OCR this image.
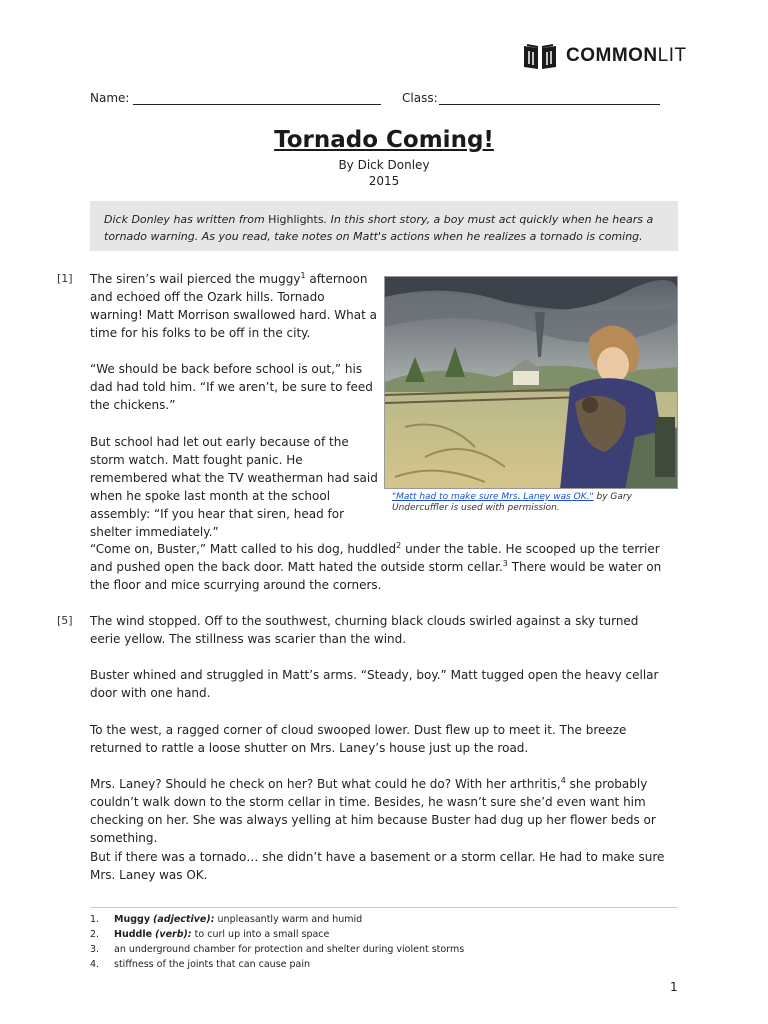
COMMONLIT
Name:	Class:
Tornado Coming!
By Dick Donley
2015
Dick Donley has written from Highlights. In this short story, a boy must act quickly when he hears a tornado warning. As you read, take notes on Matt's actions when he realizes a tornado is coming.
[1] The siren’s wail pierced the muggy$^1$ afternoon and echoed off the Ozark hills. Tornado warning! Matt Morrison swallowed hard. What a time for his folks to be off in the city.
“We should be back before school is out,” his dad had told him. “If we aren’t, be sure to feed the chickens.”
But school had let out early because of the storm watch. Matt fought panic. He remembered what the TV weatherman had said when he spoke last month at the school assembly: “If you hear that siren, head for shelter immediately.”
"Matt had to make sure Mrs. Laney was OK." by Gary Undercuffler is used with permission.
“Come on, Buster,” Matt called to his dog, huddled$^2$ under the table. He scooped up the terrier and pushed open the back door. Matt hated the outside storm cellar.$^3$ There would be water on the floor and mice scurrying around the corners.
[5] The wind stopped. Off to the southwest, churning black clouds swirled against a sky turned eerie yellow. The stillness was scarier than the wind.
Buster whined and struggled in Matt’s arms. “Steady, boy.” Matt tugged open the heavy cellar door with one hand.
To the west, a ragged corner of cloud swooped lower. Dust flew up to meet it. The breeze returned to rattle a loose shutter on Mrs. Laney’s house just up the road.
Mrs. Laney? Should he check on her? But what could he do? With her arthritis,$^4$ she probably couldn’t walk down to the storm cellar in time. Besides, he wasn’t sure she’d even want him checking on her. She was always yelling at him because Buster had dug up her flower beds or something.
But if there was a tornado… she didn’t have a basement or a storm cellar. He had to make sure Mrs. Laney was OK.
1. Muggy (adjective): unpleasantly warm and humid
2. Huddle (verb): to curl up into a small space
3. an underground chamber for protection and shelter during violent storms
4. stiffness of the joints that can cause pain
1
